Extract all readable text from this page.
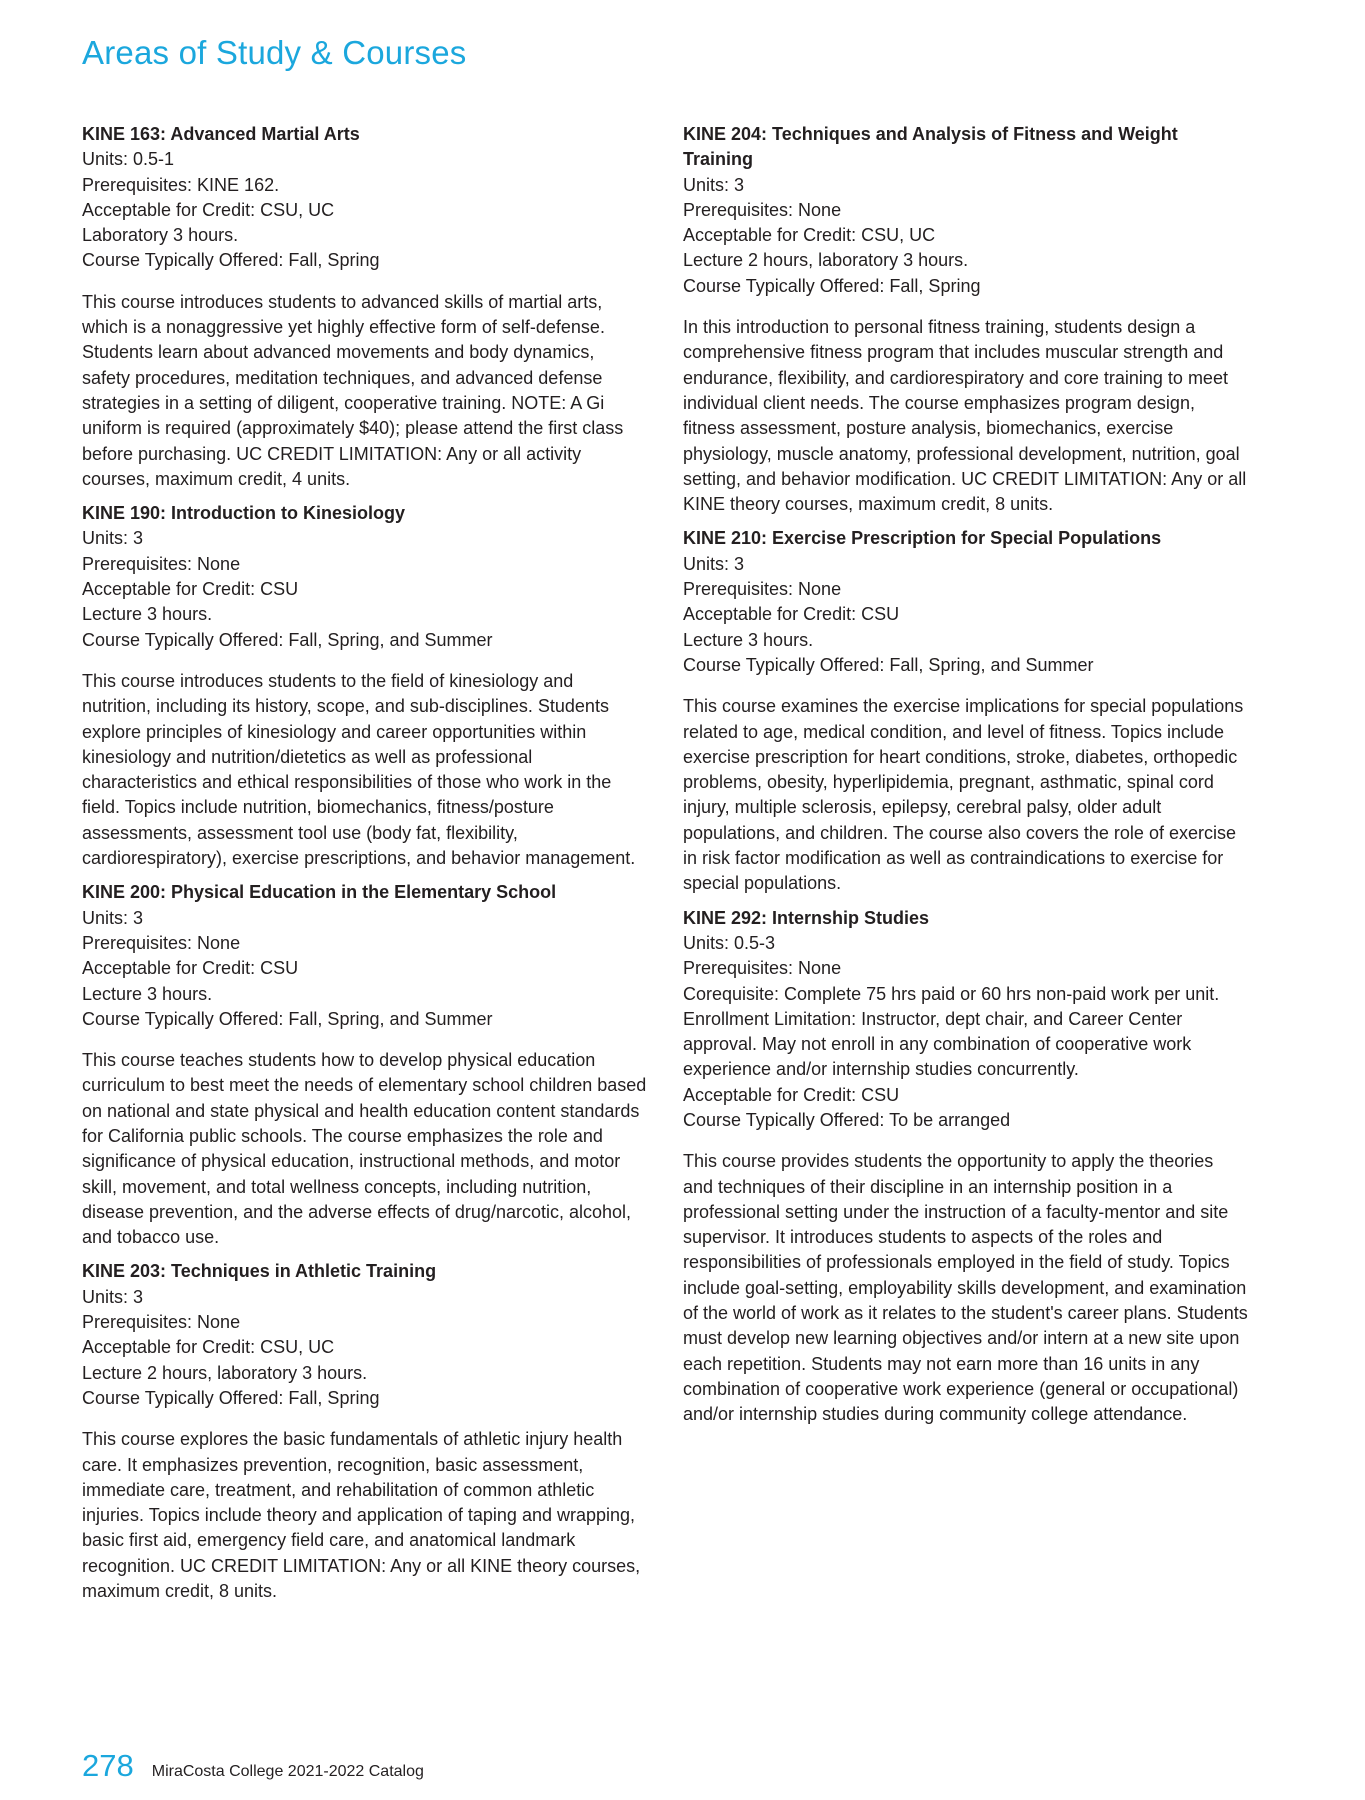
Areas of Study & Courses

KINE 163: Advanced Martial Arts

Units: 0.5-1

Prerequisites: KINE 162.

Acceptable for Credit: CSU, UC

Laboratory 3 hours.

Course Typically Offered: Fall, Spring

This course introduces students to advanced skills of martial arts, which is a nonaggressive yet highly effective form of self-defense. Students learn about advanced movements and body dynamics, safety procedures, meditation techniques, and advanced defense strategies in a setting of diligent, cooperative training. NOTE: A Gi uniform is required (approximately $40); please attend the first class before purchasing. UC CREDIT LIMITATION: Any or all activity courses, maximum credit, 4 units.

KINE 190: Introduction to Kinesiology

Units: 3

Prerequisites: None

Acceptable for Credit: CSU

Lecture 3 hours.

Course Typically Offered: Fall, Spring, and Summer

This course introduces students to the field of kinesiology and nutrition, including its history, scope, and sub-disciplines. Students explore principles of kinesiology and career opportunities within kinesiology and nutrition/dietetics as well as professional characteristics and ethical responsibilities of those who work in the field. Topics include nutrition, biomechanics, fitness/posture assessments, assessment tool use (body fat, flexibility, cardiorespiratory), exercise prescriptions, and behavior management.

KINE 200: Physical Education in the Elementary School

Units: 3

Prerequisites: None

Acceptable for Credit: CSU

Lecture 3 hours.

Course Typically Offered: Fall, Spring, and Summer

This course teaches students how to develop physical education curriculum to best meet the needs of elementary school children based on national and state physical and health education content standards for California public schools. The course emphasizes the role and significance of physical education, instructional methods, and motor skill, movement, and total wellness concepts, including nutrition, disease prevention, and the adverse effects of drug/narcotic, alcohol, and tobacco use.

KINE 203: Techniques in Athletic Training

Units: 3

Prerequisites: None

Acceptable for Credit: CSU, UC

Lecture 2 hours, laboratory 3 hours.

Course Typically Offered: Fall, Spring

This course explores the basic fundamentals of athletic injury health care. It emphasizes prevention, recognition, basic assessment, immediate care, treatment, and rehabilitation of common athletic injuries. Topics include theory and application of taping and wrapping, basic first aid, emergency field care, and anatomical landmark recognition. UC CREDIT LIMITATION: Any or all KINE theory courses, maximum credit, 8 units.

KINE 204: Techniques and Analysis of Fitness and Weight Training

Units: 3

Prerequisites: None

Acceptable for Credit: CSU, UC

Lecture 2 hours, laboratory 3 hours.

Course Typically Offered: Fall, Spring

In this introduction to personal fitness training, students design a comprehensive fitness program that includes muscular strength and endurance, flexibility, and cardiorespiratory and core training to meet individual client needs. The course emphasizes program design, fitness assessment, posture analysis, biomechanics, exercise physiology, muscle anatomy, professional development, nutrition, goal setting, and behavior modification. UC CREDIT LIMITATION: Any or all KINE theory courses, maximum credit, 8 units.

KINE 210: Exercise Prescription for Special Populations

Units: 3

Prerequisites: None

Acceptable for Credit: CSU

Lecture 3 hours.

Course Typically Offered: Fall, Spring, and Summer

This course examines the exercise implications for special populations related to age, medical condition, and level of fitness. Topics include exercise prescription for heart conditions, stroke, diabetes, orthopedic problems, obesity, hyperlipidemia, pregnant, asthmatic, spinal cord injury, multiple sclerosis, epilepsy, cerebral palsy, older adult populations, and children. The course also covers the role of exercise in risk factor modification as well as contraindications to exercise for special populations.

KINE 292: Internship Studies

Units: 0.5-3

Prerequisites: None

Corequisite: Complete 75 hrs paid or 60 hrs non-paid work per unit.

Enrollment Limitation: Instructor, dept chair, and Career Center approval. May not enroll in any combination of cooperative work experience and/or internship studies concurrently.

Acceptable for Credit: CSU

Course Typically Offered: To be arranged

This course provides students the opportunity to apply the theories and techniques of their discipline in an internship position in a professional setting under the instruction of a faculty-mentor and site supervisor. It introduces students to aspects of the roles and responsibilities of professionals employed in the field of study. Topics include goal-setting, employability skills development, and examination of the world of work as it relates to the student's career plans. Students must develop new learning objectives and/or intern at a new site upon each repetition. Students may not earn more than 16 units in any combination of cooperative work experience (general or occupational) and/or internship studies during community college attendance.

278 MiraCosta College 2021-2022 Catalog
